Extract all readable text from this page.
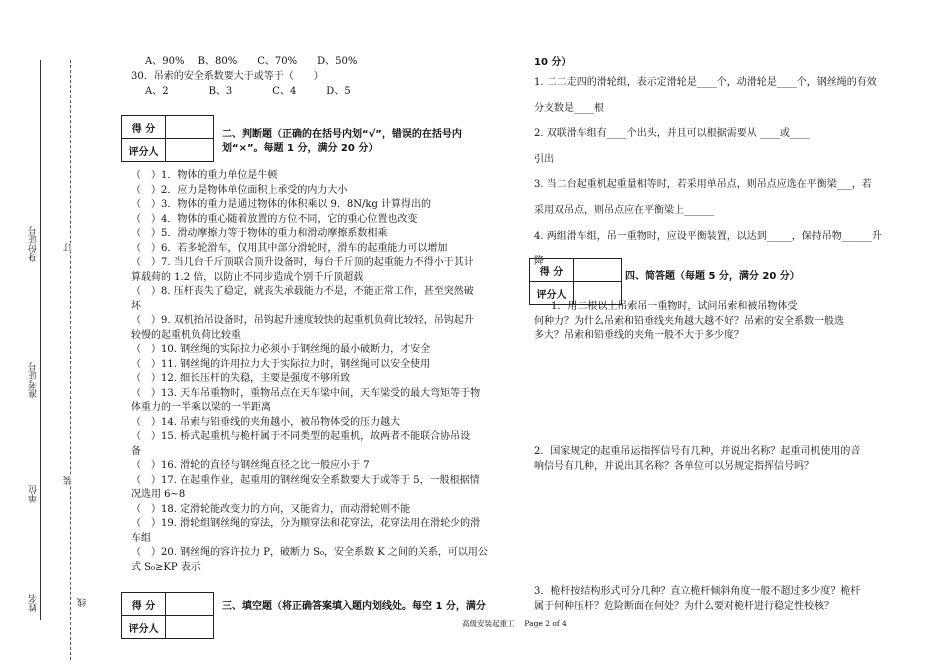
身份证号
准考证号
单位
姓名
订
装
线
A、90%　 B、80%　　C、70%　　D、50%
30．吊索的安全系数要大于或等于（　　）
A、2　　　　B、3　　　　C、4　　　D、5
得 分	
评分人	
二、判断题（正确的在括号内划“√”，错误的在括号内
划“×”。每题 1 分，满分 20 分）
（　）1．物体的重力单位是牛顿
（　）2．应力是物体单位面积上承受的内力大小
（　）3．物体的重力是通过物体的体积乘以 9．8N/kg 计算得出的
（　）4．物体的重心随着放置的方位不同，它的重心位置也改变
（　）5．滑动摩擦力等于物体的重力和滑动摩擦系数相乘
（　）6．若多轮滑车，仅用其中部分滑轮时，滑车的起重能力可以增加
（　）7. 当几台千斤顶联合顶升设备时，每台千斤顶的起重能力不得小于其计
算载荷的 1.2 倍，以防止不同步造成个别千斤顶超载
（　）8. 压杆丧失了稳定，就丧失承载能力不是，不能正常工作，甚至突然破
坏
（　）9. 双机抬吊设备时，吊钩起升速度较快的起重机负荷比较轻，吊钩起升
较慢的起重机负荷比较重
（　）10. 钢丝绳的实际拉力必须小于钢丝绳的最小破断力，才安全
（　）11. 钢丝绳的许用拉力大于实际拉力时，钢丝绳可以安全使用
（　）12. 细长压杆的失稳，主要是强度不够所致
（　）13. 天车吊重物时，重物吊点在天车梁中间，天车梁受的最大弯矩等于物
体重力的一半乘以梁的一半距离
（　）14. 吊索与铅垂线的夹角越小，被吊物体受的压力越大
（　）15. 桥式起重机与桅杆属于不同类型的起重机，故两者不能联合协吊设
备
（　）16. 滑轮的直径与钢丝绳直径之比一般应小于 7
（　）17. 在起重作业，起重用的钢丝绳安全系数要大于或等于 5，一般根据情
况选用 6~8
（　）18. 定滑轮能改变力的方向，又能省力，而动滑轮则不能
（　）19. 滑轮组钢丝绳的穿法，分为顺穿法和花穿法，花穿法用在滑轮少的滑
车组
（　）20. 钢丝绳的容许拉力 P，破断力 S₀，安全系数 K 之间的关系，可以用公
式 S₀≥KP 表示
得 分	
评分人	
三、填空题（将正确答案填入题内划线处。每空 1 分，满分
10 分）
1. 二二走四的滑轮组，表示定滑轮是____个，动滑轮是____个，钢丝绳的有效
分支数是____根
2. 双联滑车组有____个出头，并且可以根据需要从 ____或____
引出
3. 当二台起重机起重量相等时，若采用单吊点，则吊点应选在平衡梁___，若
采用双吊点，则吊点应在平衡梁上______
4. 两组滑车组，吊一重物时，应设平衡装置，以达到_____，保持吊物______升
降
得 分	
评分人	
四、简答题（每题 5 分，满分 20 分）
1．用二根以上吊索吊一重物时，试问吊索和被吊物体受
何种力？为什么吊索和铅垂线夹角越大越不好？吊索的安全系数一般选
多大？吊索和铅垂线的夹角一般不大于多少度？
2．国家规定的起重吊运指挥信号有几种，并说出名称？起重司机使用的音
响信号有几种，并说出其名称？各单位可以另规定指挥信号吗？
3．桅杆按结构形式可分几种？直立桅杆倾斜角度一般不超过多少度？桅杆
属于何种压杆？危险断面在何处？为什么要对桅杆进行稳定性校核？
高级安装起重工　 Page 2 of 4
